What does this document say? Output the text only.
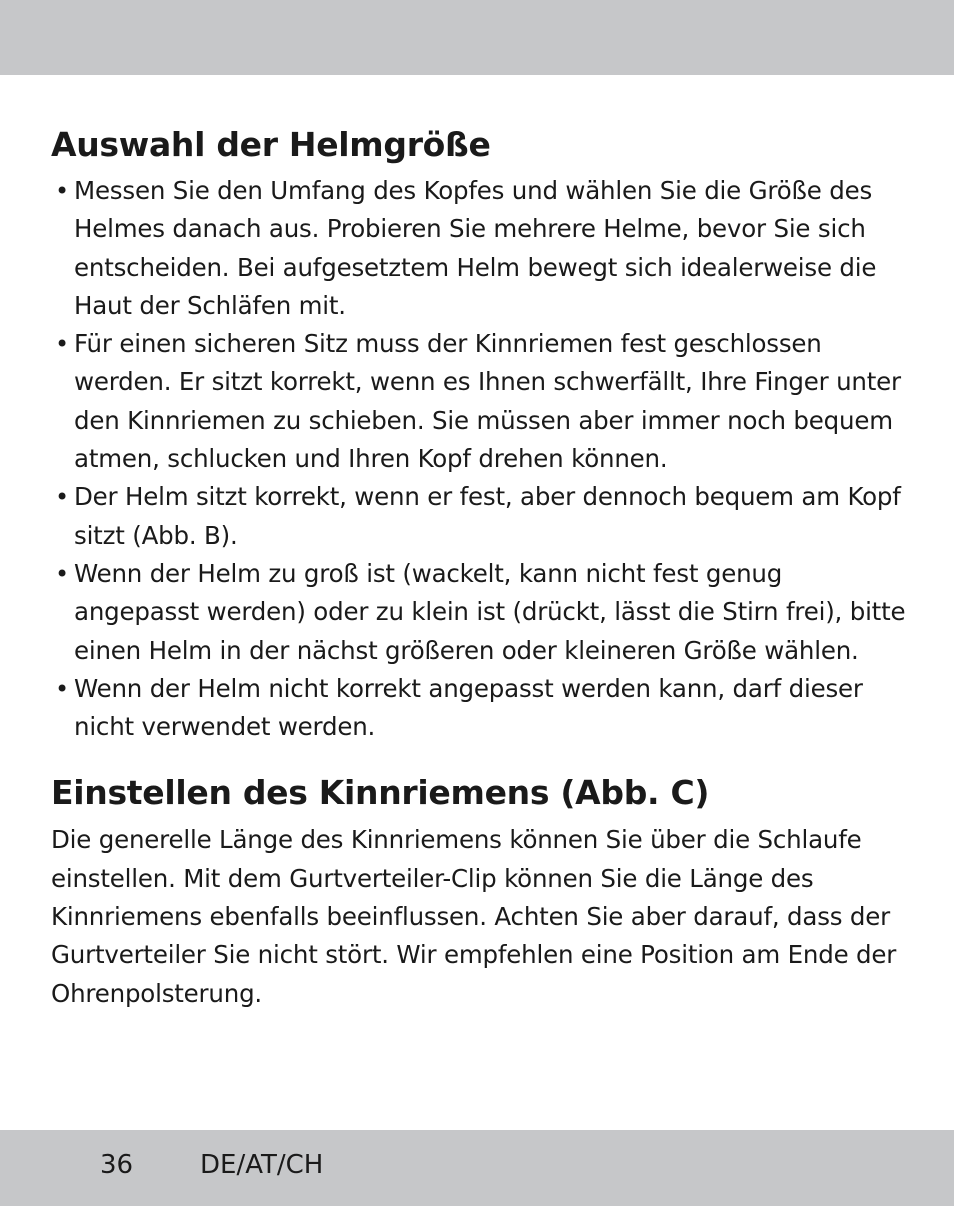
Auswahl der Helmgröße
• Messen Sie den Umfang des Kopfes und wählen Sie die Größe des Helmes danach aus. Probieren Sie mehrere Helme, bevor Sie sich entscheiden. Bei aufgesetztem Helm bewegt sich idealerweise die Haut der Schläfen mit.
• Für einen sicheren Sitz muss der Kinnriemen fest geschlossen werden. Er sitzt korrekt, wenn es Ihnen schwerfällt, Ihre Finger unter den Kinnriemen zu schieben. Sie müssen aber immer noch bequem atmen, schlucken und Ihren Kopf drehen können.
• Der Helm sitzt korrekt, wenn er fest, aber dennoch bequem am Kopf sitzt (Abb. B).
• Wenn der Helm zu groß ist (wackelt, kann nicht fest genug angepasst werden) oder zu klein ist (drückt, lässt die Stirn frei), bitte einen Helm in der nächst größeren oder kleineren Größe wählen.
• Wenn der Helm nicht korrekt angepasst werden kann, darf dieser nicht verwendet werden.
Einstellen des Kinnriemens (Abb. C)

Die generelle Länge des Kinnriemens können Sie über die Schlaufe einstellen. Mit dem Gurtverteiler-Clip können Sie die Länge des Kinnriemens ebenfalls beeinflussen. Achten Sie aber darauf, dass der Gurtverteiler Sie nicht stört. Wir empfehlen eine Position am Ende der Ohrenpolsterung.

36	DE/AT/CH
